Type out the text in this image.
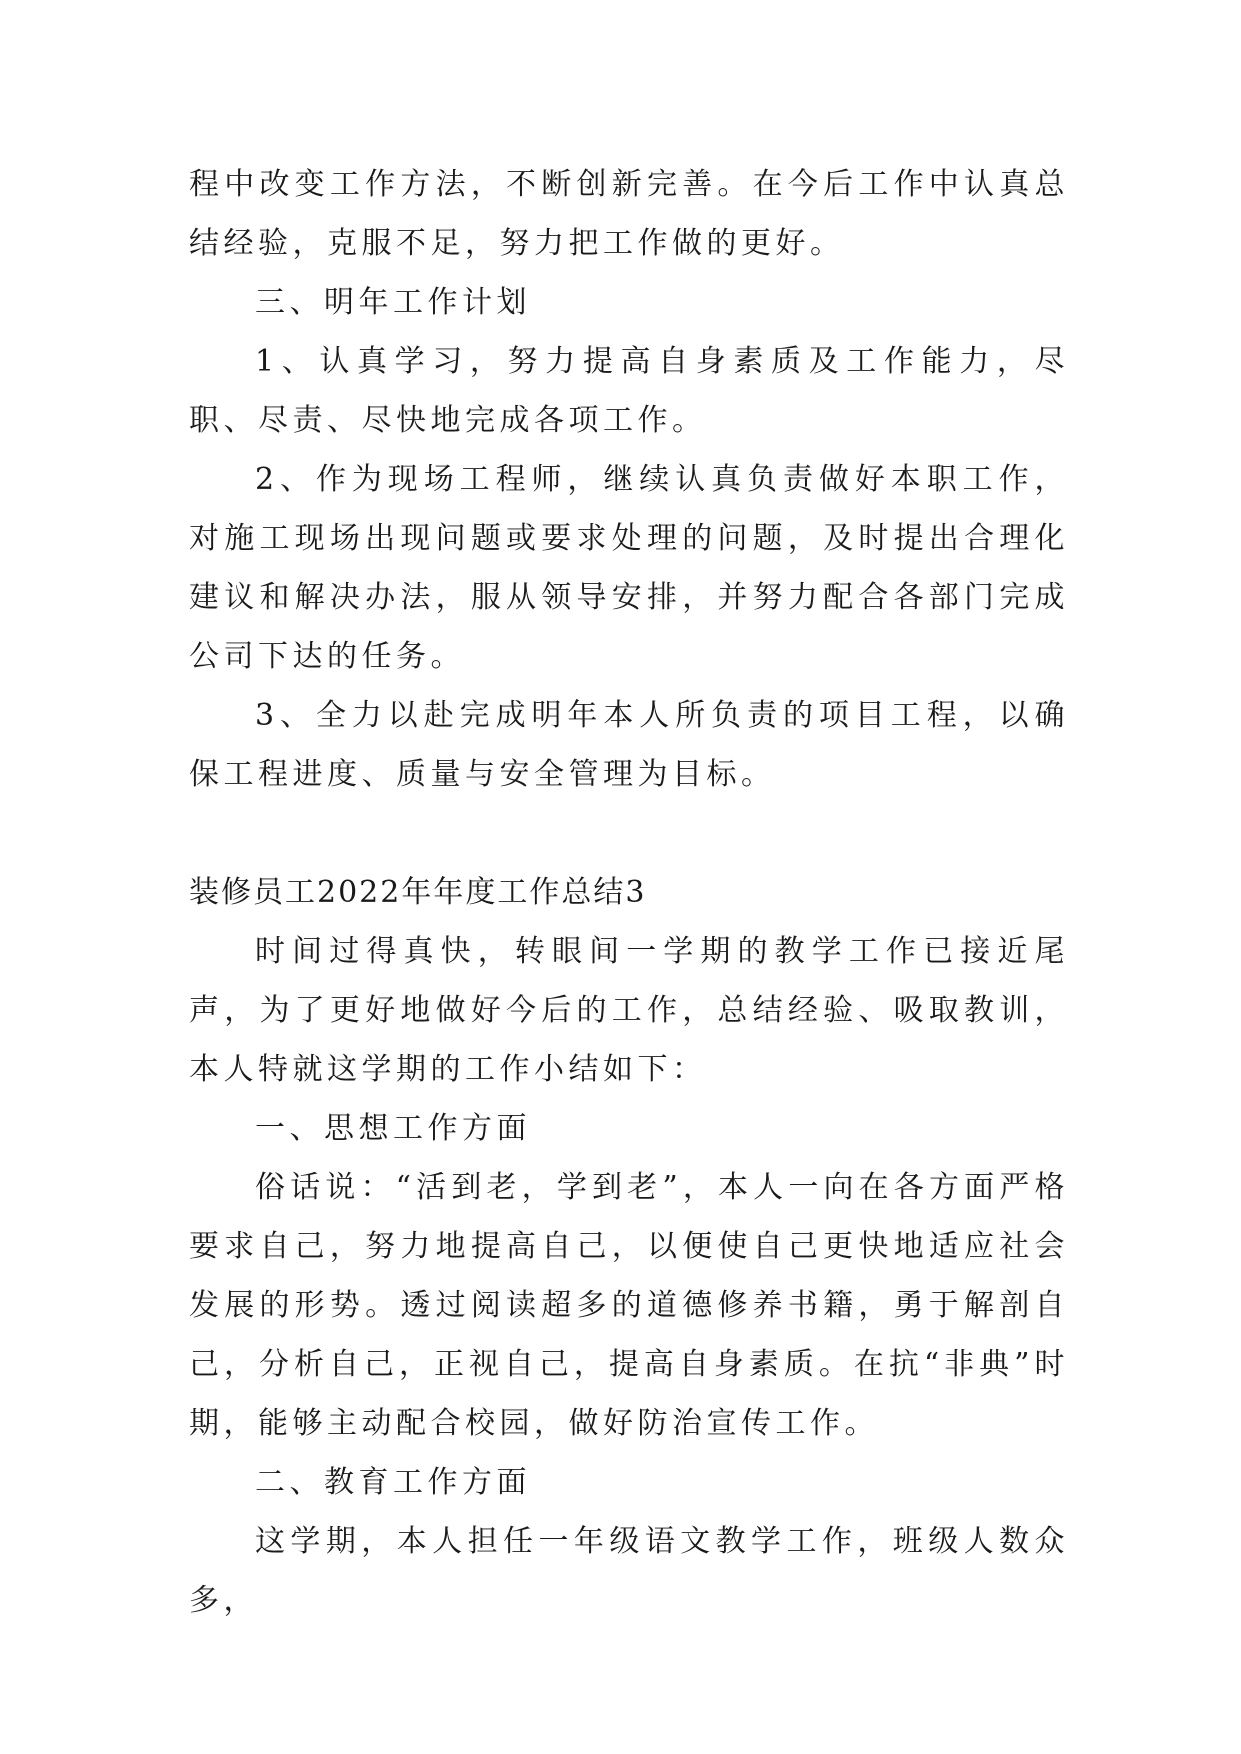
程中改变工作方法，不断创新完善。在今后工作中认真总结经验，克服不足，努力把工作做的更好。

三、明年工作计划

1、认真学习，努力提高自身素质及工作能力，尽职、尽责、尽快地完成各项工作。

2、作为现场工程师，继续认真负责做好本职工作，对施工现场出现问题或要求处理的问题，及时提出合理化建议和解决办法，服从领导安排，并努力配合各部门完成公司下达的任务。

3、全力以赴完成明年本人所负责的项目工程，以确保工程进度、质量与安全管理为目标。

装修员工2022年年度工作总结3

时间过得真快，转眼间一学期的教学工作已接近尾声，为了更好地做好今后的工作，总结经验、吸取教训，本人特就这学期的工作小结如下：

一、思想工作方面

俗话说：“活到老，学到老”，本人一向在各方面严格要求自己，努力地提高自己，以便使自己更快地适应社会发展的形势。透过阅读超多的道德修养书籍，勇于解剖自己，分析自己，正视自己，提高自身素质。在抗“非典”时期，能够主动配合校园，做好防治宣传工作。

二、教育工作方面

这学期，本人担任一年级语文教学工作，班级人数众多，
